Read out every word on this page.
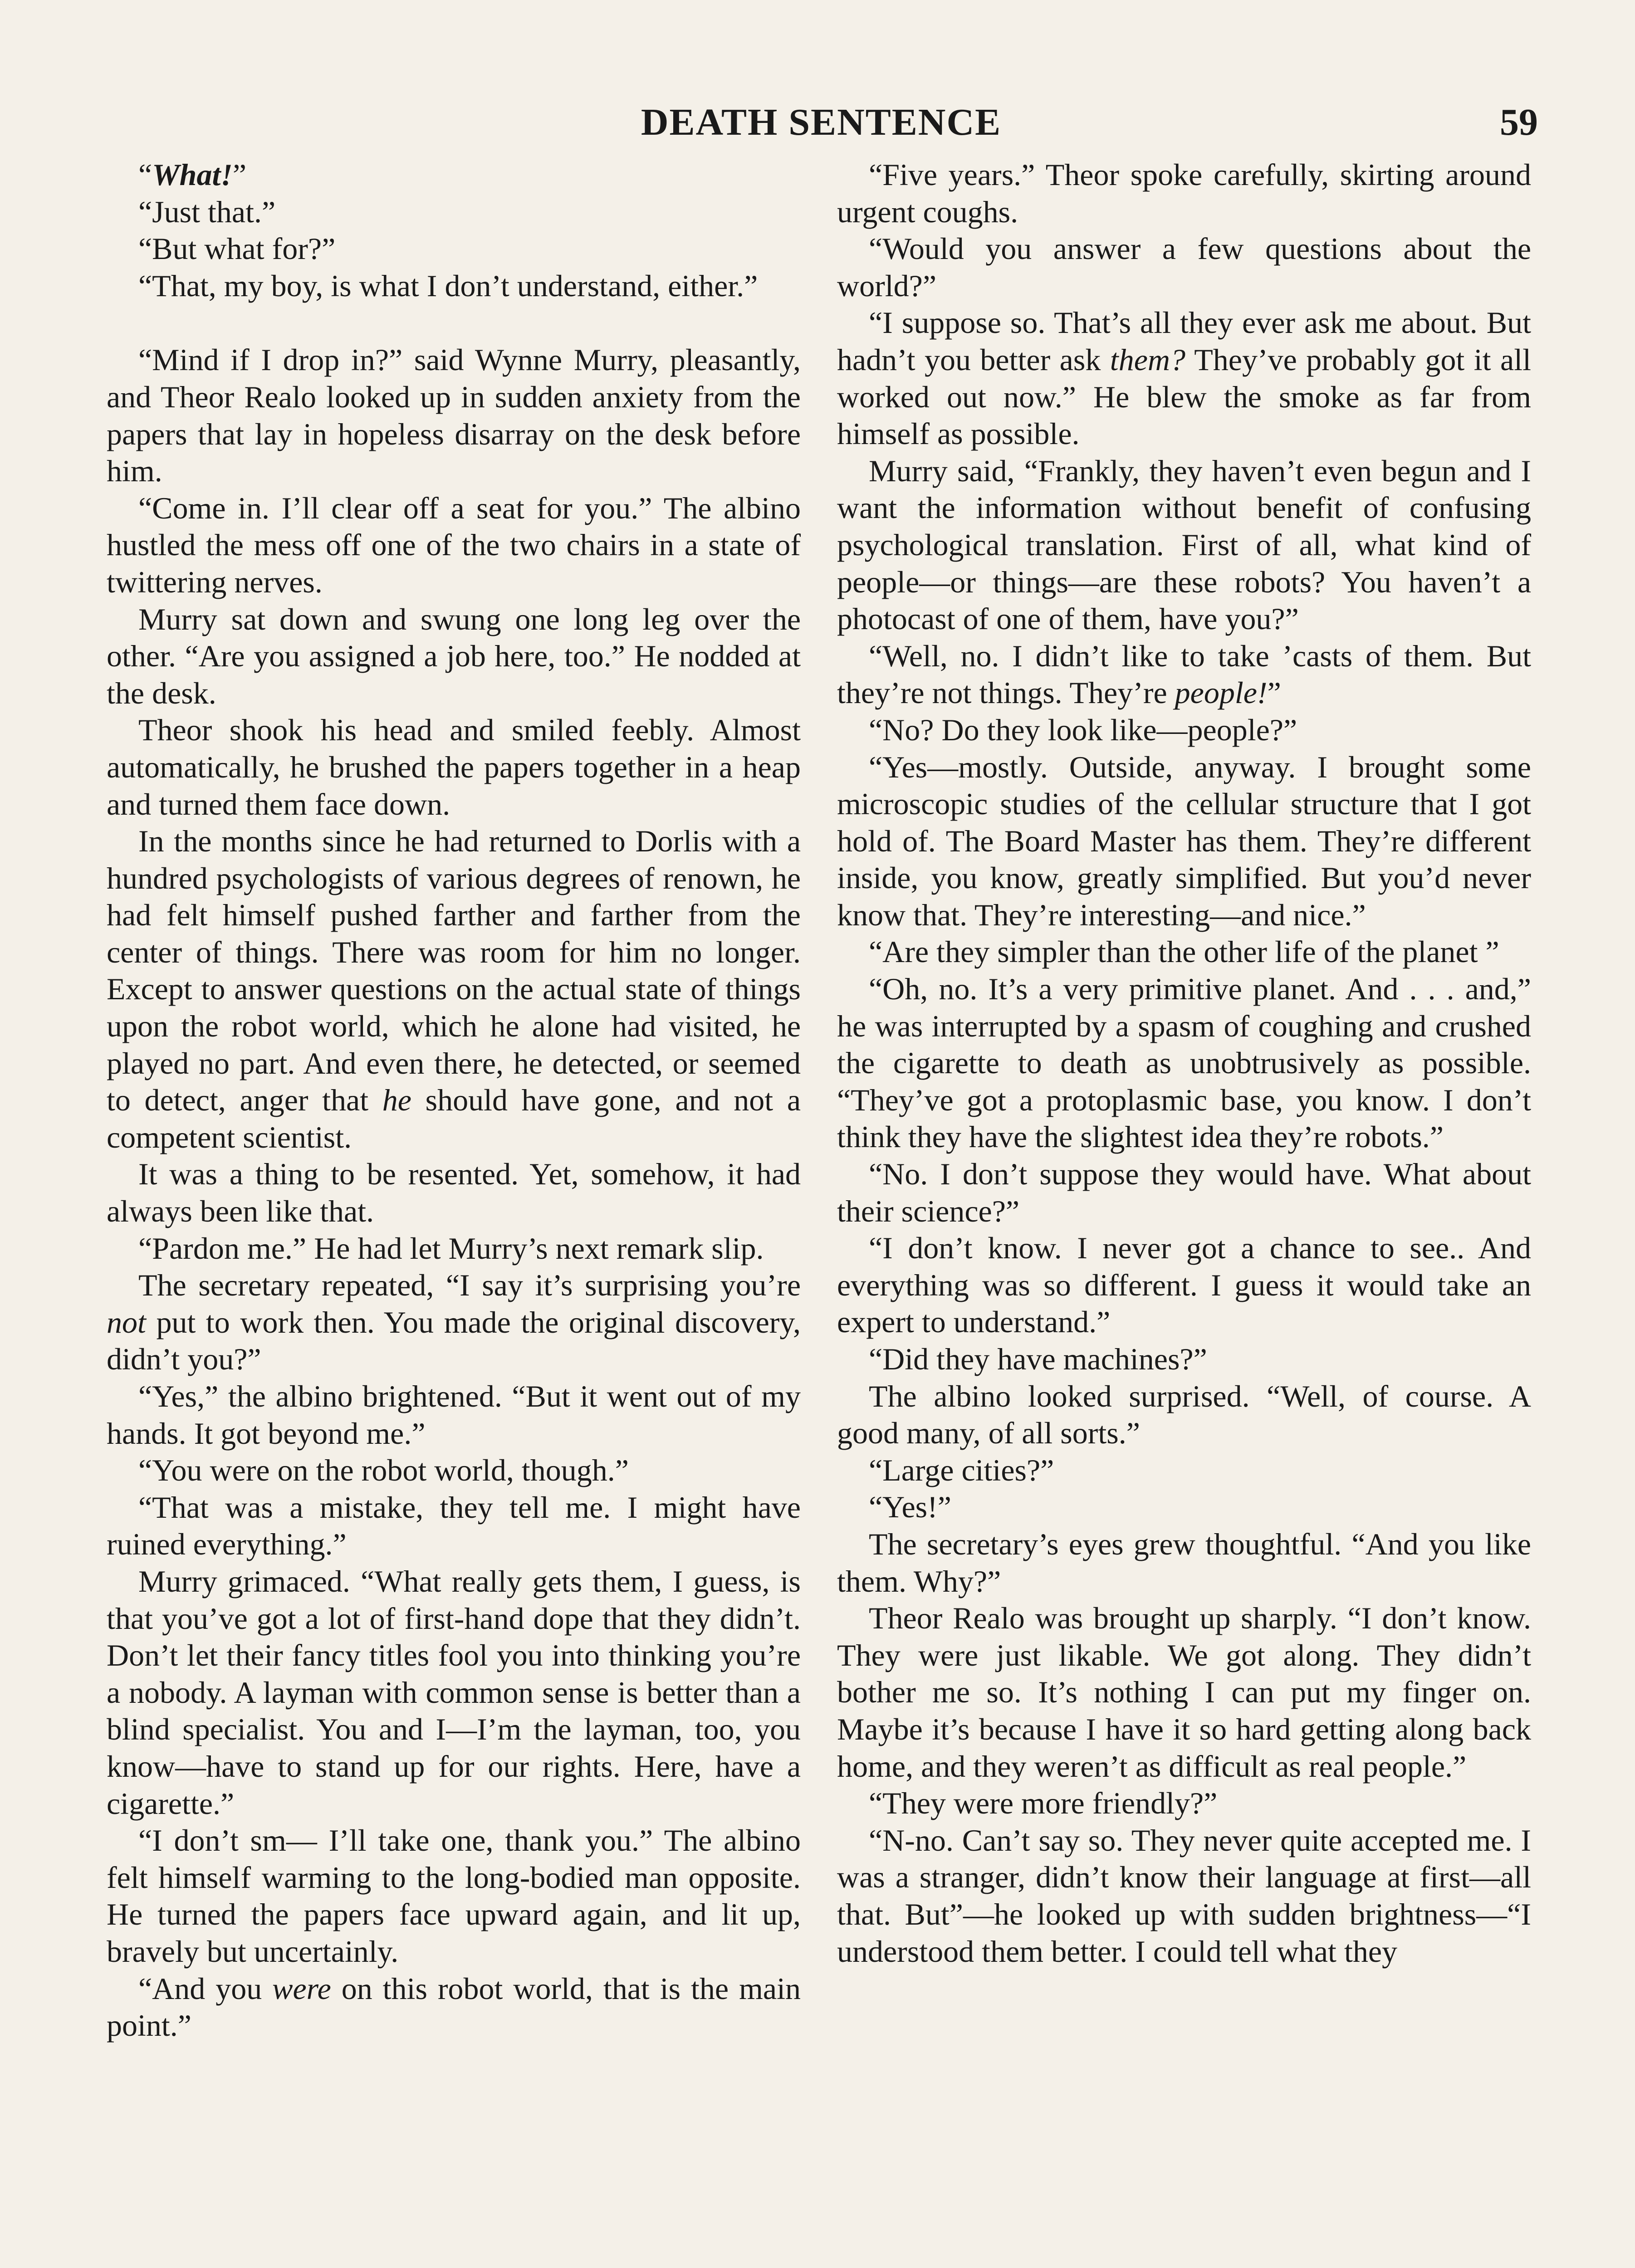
DEATH SENTENCE	59

“What!”

“Just that.”

“But what for?”

“That, my boy, is what I don’t understand, either.”

“Mind if I drop in?” said Wynne Murry, pleasantly, and Theor Realo looked up in sudden anxiety from the papers that lay in hopeless disarray on the desk before him.

“Come in. I’ll clear off a seat for you.” The albino hustled the mess off one of the two chairs in a state of twittering nerves.

Murry sat down and swung one long leg over the other. “Are you assigned a job here, too.” He nodded at the desk.

Theor shook his head and smiled feebly. Almost automatically, he brushed the papers together in a heap and turned them face down.

In the months since he had returned to Dorlis with a hundred psychologists of various degrees of renown, he had felt himself pushed farther and farther from the center of things. There was room for him no longer. Except to answer questions on the actual state of things upon the robot world, which he alone had visited, he played no part. And even there, he detected, or seemed to detect, anger that he should have gone, and not a competent scientist.

It was a thing to be resented. Yet, somehow, it had always been like that.

“Pardon me.” He had let Murry’s next remark slip.

The secretary repeated, “I say it’s surprising you’re not put to work then. You made the original discovery, didn’t you?”

“Yes,” the albino brightened. “But it went out of my hands. It got beyond me.”

“You were on the robot world, though.”

“That was a mistake, they tell me. I might have ruined everything.”

Murry grimaced. “What really gets them, I guess, is that you’ve got a lot of first-hand dope that they didn’t. Don’t let their fancy titles fool you into thinking you’re a nobody. A layman with common sense is better than a blind specialist. You and I—I’m the layman, too, you know—have to stand up for our rights. Here, have a cigarette.”

“I don’t sm— I’ll take one, thank you.” The albino felt himself warming to the long-bodied man opposite. He turned the papers face upward again, and lit up, bravely but uncertainly.

“And you were on this robot world, that is the main point.”

“Five years.” Theor spoke carefully, skirting around urgent coughs.

“Would you answer a few questions about the world?”

“I suppose so. That’s all they ever ask me about. But hadn’t you better ask them? They’ve probably got it all worked out now.” He blew the smoke as far from himself as possible.

Murry said, “Frankly, they haven’t even begun and I want the information without benefit of confusing psychological translation. First of all, what kind of people—or things—are these robots? You haven’t a photocast of one of them, have you?”

“Well, no. I didn’t like to take ’casts of them. But they’re not things. They’re people!”

“No? Do they look like—people?”

“Yes—mostly. Outside, anyway. I brought some microscopic studies of the cellular structure that I got hold of. The Board Master has them. They’re different inside, you know, greatly simplified. But you’d never know that. They’re interesting—and nice.”

“Are they simpler than the other life of the planet ”

“Oh, no. It’s a very primitive planet. And . . . and,” he was interrupted by a spasm of coughing and crushed the cigarette to death as unobtrusively as possible. “They’ve got a protoplasmic base, you know. I don’t think they have the slightest idea they’re robots.”

“No. I don’t suppose they would have. What about their science?”

“I don’t know. I never got a chance to see.. And everything was so different. I guess it would take an expert to understand.”

“Did they have machines?”

The albino looked surprised. “Well, of course. A good many, of all sorts.”

“Large cities?”

“Yes!”

The secretary’s eyes grew thoughtful. “And you like them. Why?”

Theor Realo was brought up sharply. “I don’t know. They were just likable. We got along. They didn’t bother me so. It’s nothing I can put my finger on. Maybe it’s because I have it so hard getting along back home, and they weren’t as difficult as real people.”

“They were more friendly?”

“N-no. Can’t say so. They never quite accepted me. I was a stranger, didn’t know their language at first—all that. But”—he looked up with sudden brightness—“I understood them better. I could tell what they
